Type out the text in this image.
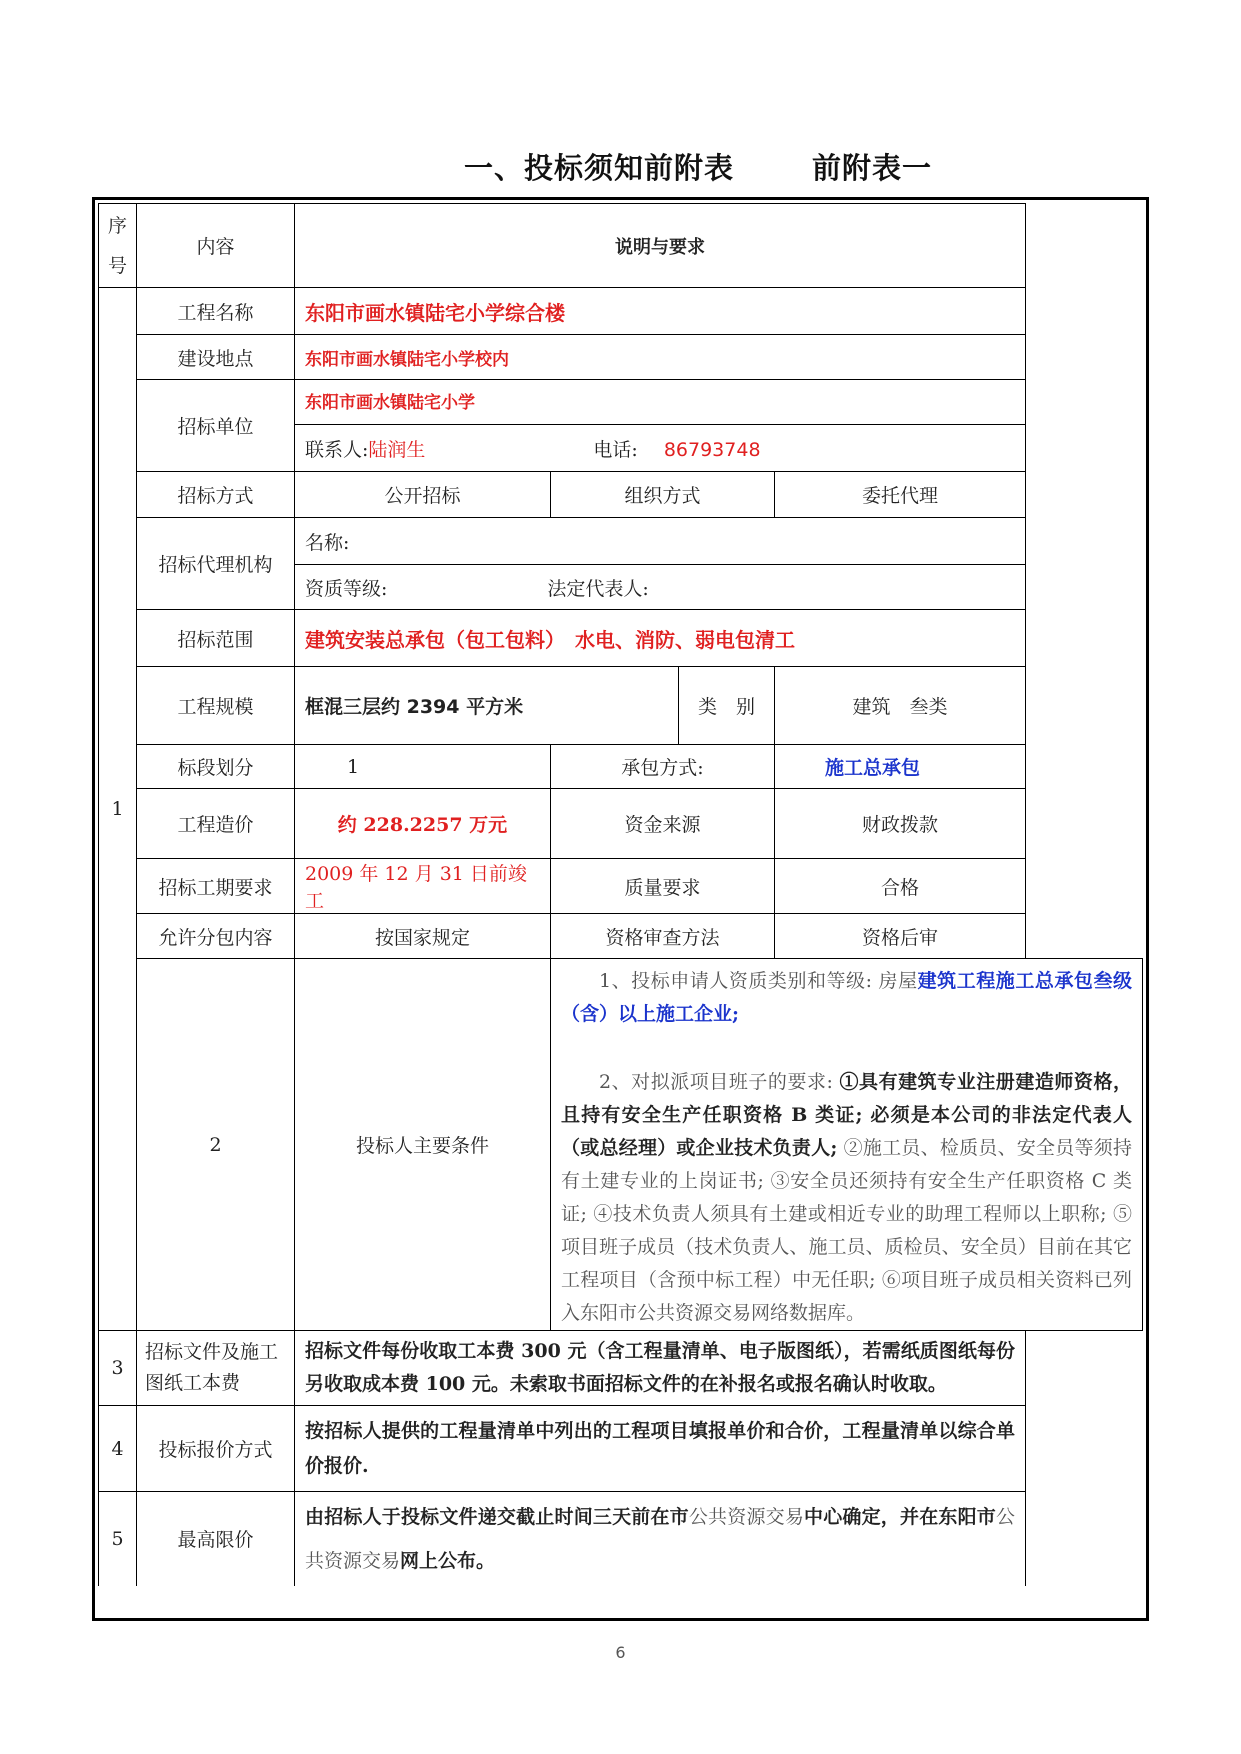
一、投标须知前附表	前附表一
序号	内容	说明与要求			
1	工程名称	东阳市画水镇陆宅小学综合楼			
	建设地点	东阳市画水镇陆宅小学校内			
	招标单位	东阳市画水镇陆宅小学			
		联系人:陆润生 电话: 86793748			
	招标方式	公开招标	组织方式		委托代理
	招标代理机构	名称:			
		资质等级: 法定代表人:			
	招标范围	建筑安装总承包（包工包料）　水电、消防、弱电包清工			
	工程规模	框混三层约 2394 平方米		类　别	建筑　叁类
	标段划分	1	承包方式:		施工总承包
	工程造价	约 228.2257 万元	资金来源		财政拨款
	招标工期要求	2009 年 12 月 31 日前竣工	质量要求		合格
	允许分包内容	按国家规定	资格审查方法		资格后审
	2	投标人主要条件	1、投标申请人资质类别和等级: 房屋建筑工程施工总承包叁级（含）以上施工企业;
2、对拟派项目班子的要求: ①具有建筑专业注册建造师资格，且持有安全生产任职资格 B 类证; 必须是本公司的非法定代表人（或总经理）或企业技术负责人; ②施工员、检质员、安全员等须持有土建专业的上岗证书; ③安全员还须持有安全生产任职资格 C 类证; ④技术负责人须具有土建或相近专业的助理工程师以上职称; ⑤项目班子成员（技术负责人、施工员、质检员、安全员）目前在其它工程项目（含预中标工程）中无任职; ⑥项目班子成员相关资料已列入东阳市公共资源交易网络数据库。		

3	招标文件及施工图纸工本费	招标文件每份收取工本费 300 元（含工程量清单、电子版图纸），若需纸质图纸每份另收取成本费 100 元。未索取书面招标文件的在补报名或报名确认时收取。			
4	投标报价方式	按招标人提供的工程量清单中列出的工程项目填报单价和合价，工程量清单以综合单价报价.			
5	最高限价	由招标人于投标文件递交截止时间三天前在市公共资源交易中心确定，并在东阳市公共资源交易网上公布。			
6
